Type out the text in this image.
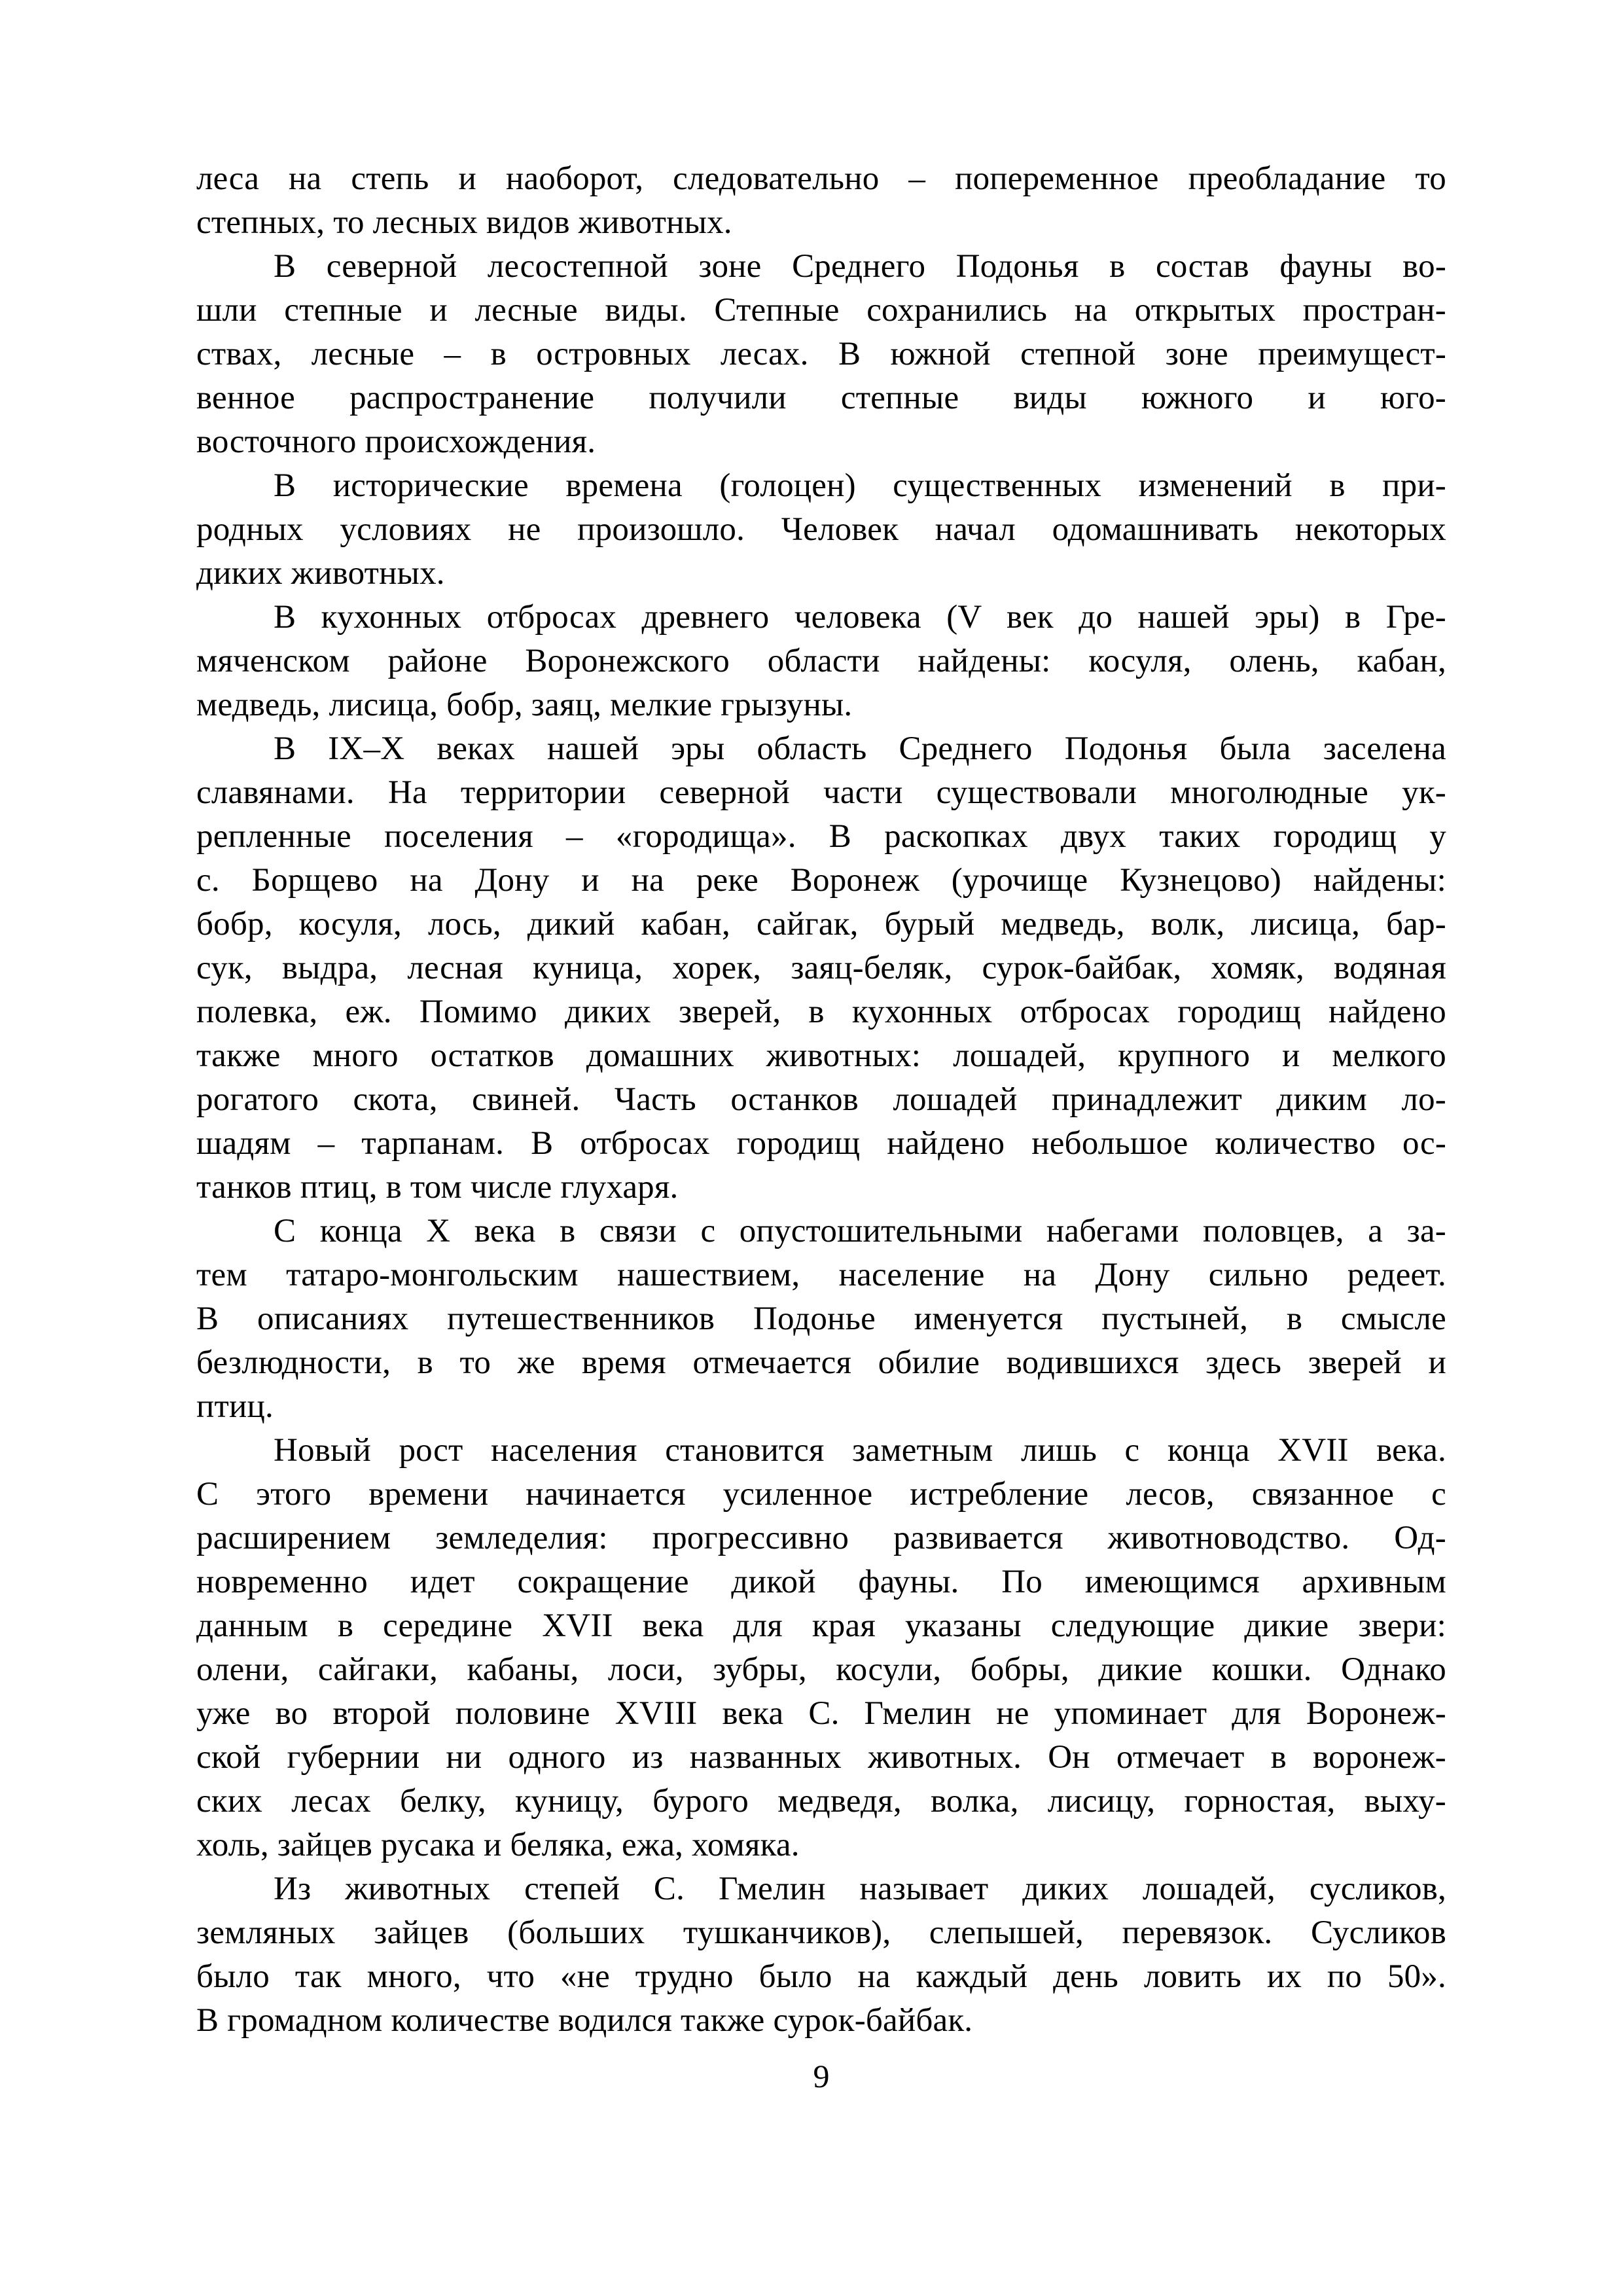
леса на степь и наоборот, следовательно – попеременное преобладание то
степных, то лесных видов животных.
В северной лесостепной зоне Среднего Подонья в состав фауны во-
шли степные и лесные виды. Степные сохранились на открытых простран-
ствах, лесные – в островных лесах. В южной степной зоне преимущест-
венное распространение получили степные виды южного и юго-
восточного происхождения.
В исторические времена (голоцен) существенных изменений в при-
родных условиях не произошло. Человек начал одомашнивать некоторых
диких животных.
В кухонных отбросах древнего человека (V век до нашей эры) в Гре-
мяченском районе Воронежского области найдены: косуля, олень, кабан,
медведь, лисица, бобр, заяц, мелкие грызуны.
В IX–X веках нашей эры область Среднего Подонья была заселена
славянами. На территории северной части существовали многолюдные ук-
репленные поселения – «городища». В раскопках двух таких городищ у
с. Борщево на Дону и на реке Воронеж (урочище Кузнецово) найдены:
бобр, косуля, лось, дикий кабан, сайгак, бурый медведь, волк, лисица, бар-
сук, выдра, лесная куница, хорек, заяц-беляк, сурок-байбак, хомяк, водяная
полевка, еж. Помимо диких зверей, в кухонных отбросах городищ найдено
также много остатков домашних животных: лошадей, крупного и мелкого
рогатого скота, свиней. Часть останков лошадей принадлежит диким ло-
шадям – тарпанам. В отбросах городищ найдено небольшое количество ос-
танков птиц, в том числе глухаря.
С конца X века в связи с опустошительными набегами половцев, а за-
тем татаро-монгольским нашествием, население на Дону сильно редеет.
В описаниях путешественников Подонье именуется пустыней, в смысле
безлюдности, в то же время отмечается обилие водившихся здесь зверей и
птиц.
Новый рост населения становится заметным лишь с конца XVII века.
С этого времени начинается усиленное истребление лесов, связанное с
расширением земледелия: прогрессивно развивается животноводство. Од-
новременно идет сокращение дикой фауны. По имеющимся архивным
данным в середине XVII века для края указаны следующие дикие звери:
олени, сайгаки, кабаны, лоси, зубры, косули, бобры, дикие кошки. Однако
уже во второй половине XVIII века С. Гмелин не упоминает для Воронеж-
ской губернии ни одного из названных животных. Он отмечает в воронеж-
ских лесах белку, куницу, бурого медведя, волка, лисицу, горностая, выху-
холь, зайцев русака и беляка, ежа, хомяка.
Из животных степей С. Гмелин называет диких лошадей, сусликов,
земляных зайцев (больших тушканчиков), слепышей, перевязок. Сусликов
было так много, что «не трудно было на каждый день ловить их по 50».
В громадном количестве водился также сурок-байбак.
9
